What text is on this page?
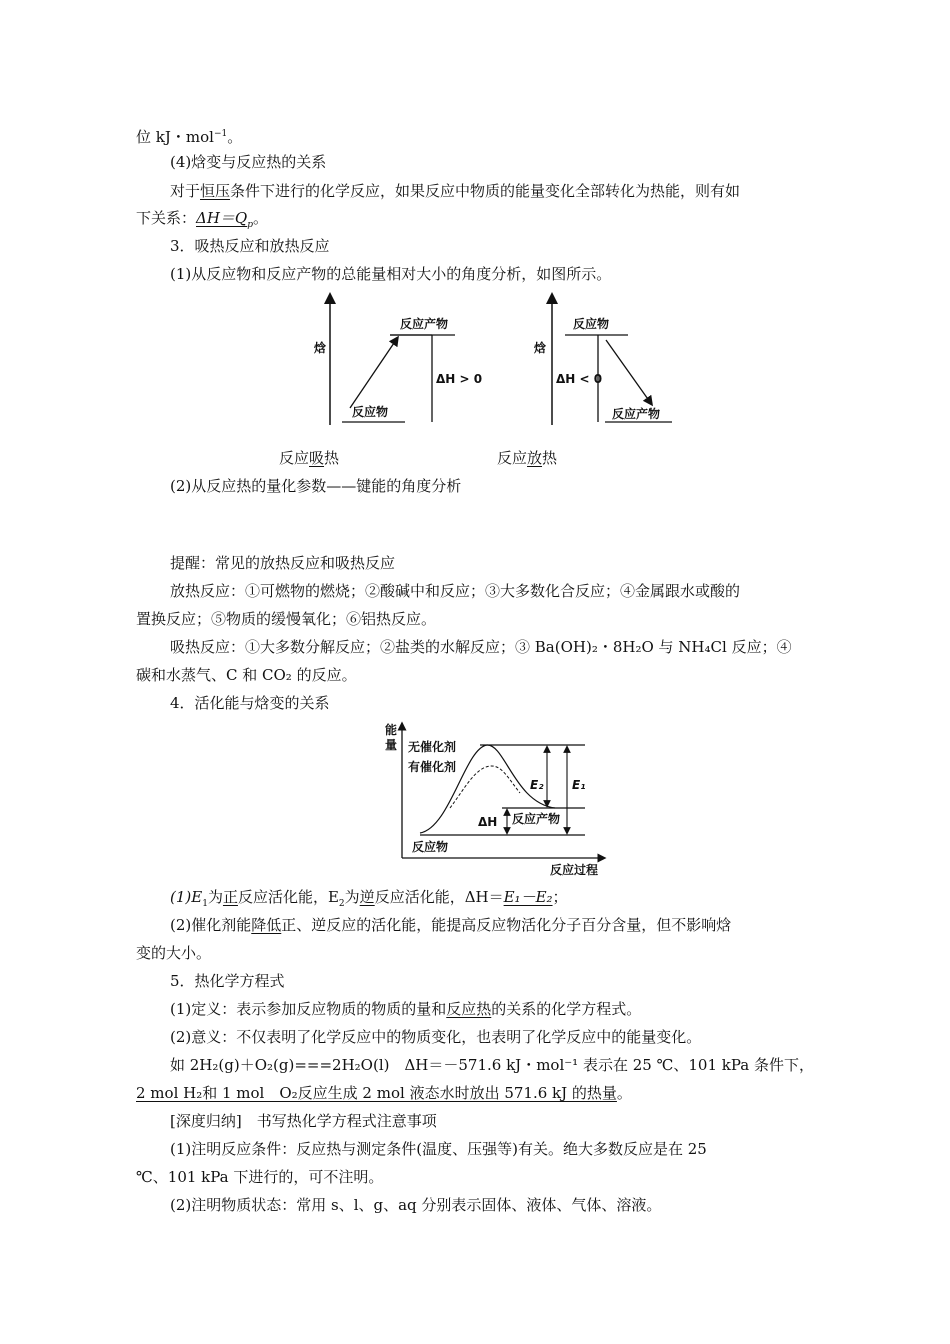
位 kJ・mol$^{-1}$。
(4)焓变与反应热的关系
对于恒压条件下进行的化学反应，如果反应中物质的能量变化全部转化为热能，则有如
下关系：$\Delta H=Q_p$。
3．吸热反应和放热反应
(1)从反应物和反应产物的总能量相对大小的角度分析，如图所示。
焓
反应物
反应产物
ΔH > 0
焓
反应物
ΔH < 0
反应产物
反应吸热	反应放热
(2)从反应热的量化参数——键能的角度分析
提醒：常见的放热反应和吸热反应
放热反应：①可燃物的燃烧；②酸碱中和反应；③大多数化合反应；④金属跟水或酸的
置换反应；⑤物质的缓慢氧化；⑥铝热反应。
吸热反应：①大多数分解反应；②盐类的水解反应；③ Ba(OH)₂・8H₂O 与 NH₄Cl 反应；④
碳和水蒸气、C 和 CO₂ 的反应。
4．活化能与焓变的关系
能
量
反应过程
反应物
反应产物
无催化剂
有催化剂
E₂ E₁
ΔH
$(1)E_1$为正反应活化能，$E_2$为逆反应活化能，ΔH＝E₁－E₂；
(2)催化剂能降低正、逆反应的活化能，能提高反应物活化分子百分含量，但不影响焓
变的大小。
5．热化学方程式
(1)定义：表示参加反应物质的物质的量和反应热的关系的化学方程式。
(2)意义：不仅表明了化学反应中的物质变化，也表明了化学反应中的能量变化。
如 2H₂(g)＋O₂(g)===2H₂O(l)　ΔH＝－571.6 kJ・mol⁻¹ 表示在 25 ℃、101 kPa 条件下，
2 mol H₂和 1 mol　O₂反应生成 2 mol 液态水时放出 571.6 kJ 的热量。
[深度归纳]　书写热化学方程式注意事项
(1)注明反应条件：反应热与测定条件(温度、压强等)有关。绝大多数反应是在 25
℃、101 kPa 下进行的，可不注明。
(2)注明物质状态：常用 s、l、g、aq 分别表示固体、液体、气体、溶液。
